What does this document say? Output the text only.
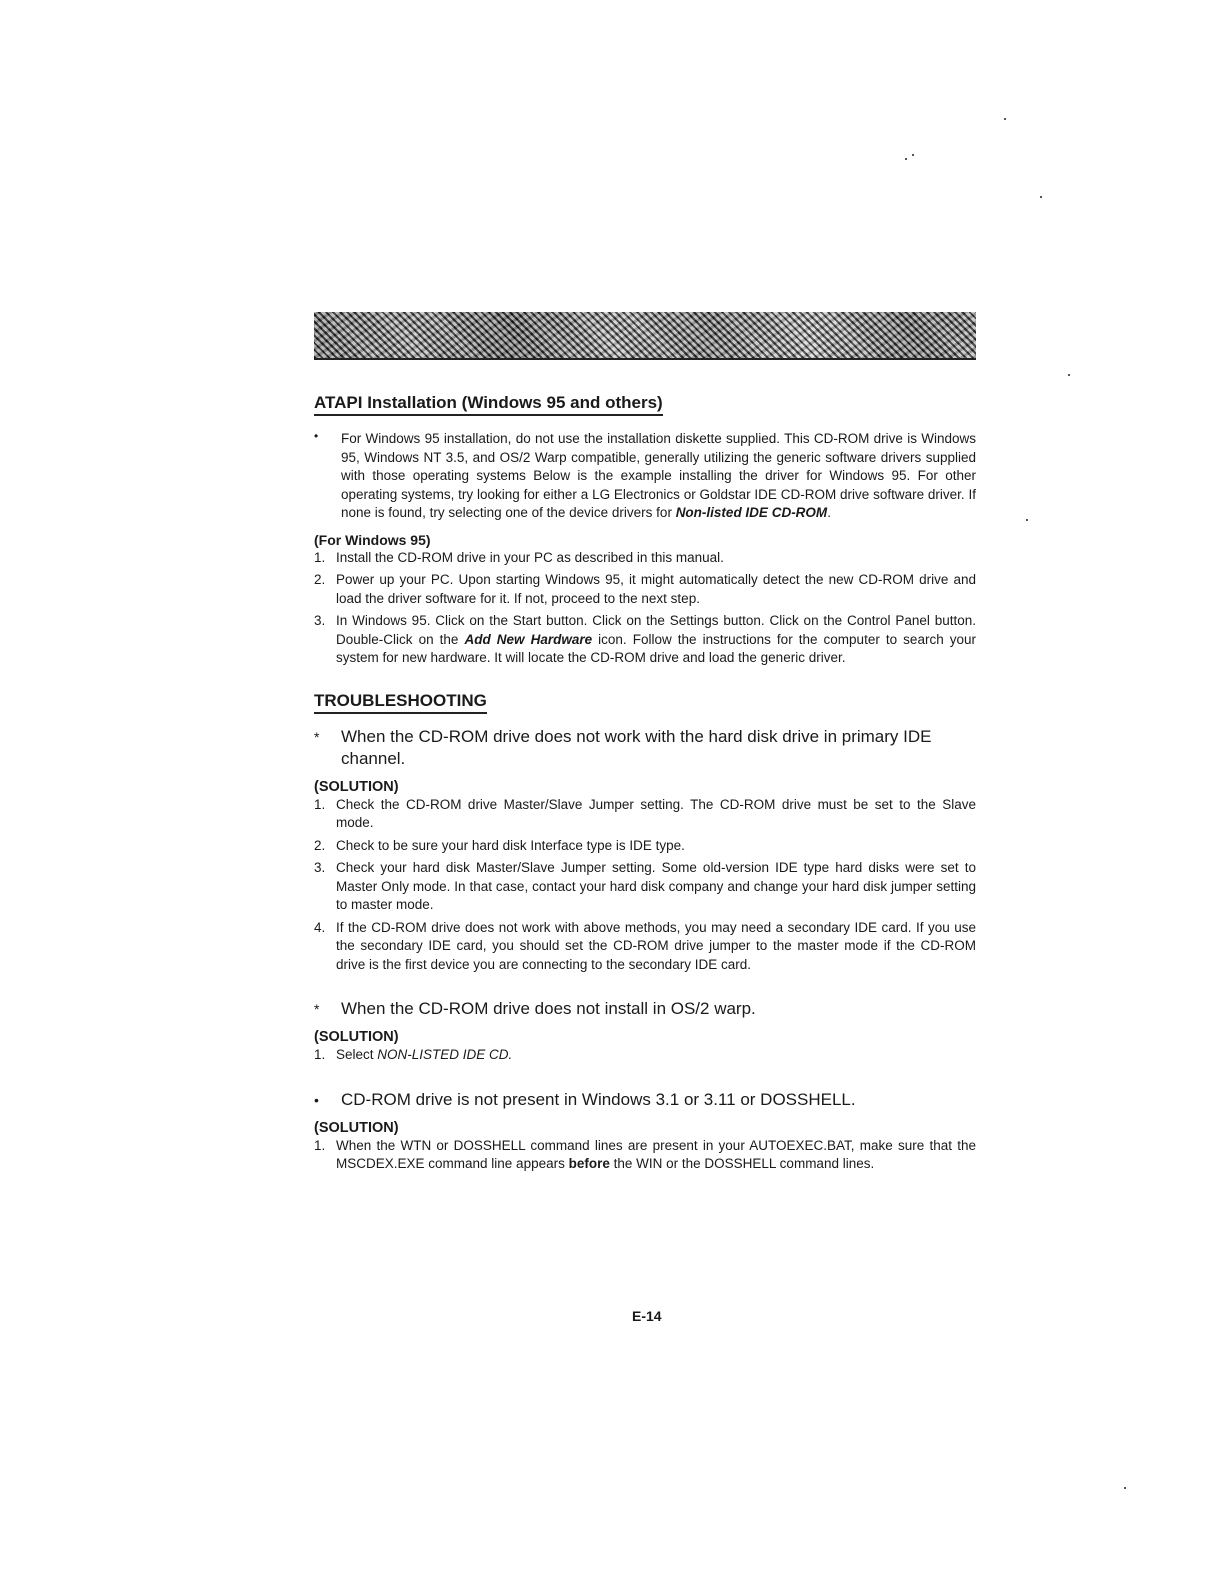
ATAPI Installation (Windows 95 and others)
• For Windows 95 installation, do not use the installation diskette supplied. This CD-ROM drive is Windows 95, Windows NT 3.5, and OS/2 Warp compatible, generally utilizing the generic software drivers supplied with those operating systems Below is the example installing the driver for Windows 95. For other operating systems, try looking for either a LG Electronics or Goldstar IDE CD-ROM drive software driver. If none is found, try selecting one of the device drivers for Non-listed IDE CD-ROM.
(For Windows 95)
1. Install the CD-ROM drive in your PC as described in this manual.
2. Power up your PC. Upon starting Windows 95, it might automatically detect the new CD-ROM drive and load the driver software for it. If not, proceed to the next step.
3. In Windows 95. Click on the Start button. Click on the Settings button. Click on the Control Panel button. Double-Click on the Add New Hardware icon. Follow the instructions for the computer to search your system for new hardware. It will locate the CD-ROM drive and load the generic driver.
TROUBLESHOOTING
* When the CD-ROM drive does not work with the hard disk drive in primary IDE channel.
(SOLUTION)
1. Check the CD-ROM drive Master/Slave Jumper setting. The CD-ROM drive must be set to the Slave mode.
2. Check to be sure your hard disk Interface type is IDE type.
3. Check your hard disk Master/Slave Jumper setting. Some old-version IDE type hard disks were set to Master Only mode. In that case, contact your hard disk company and change your hard disk jumper setting to master mode.
4. If the CD-ROM drive does not work with above methods, you may need a secondary IDE card. If you use the secondary IDE card, you should set the CD-ROM drive jumper to the master mode if the CD-ROM drive is the first device you are connecting to the secondary IDE card.
* When the CD-ROM drive does not install in OS/2 warp.
(SOLUTION)
1. Select NON-LISTED IDE CD.
• CD-ROM drive is not present in Windows 3.1 or 3.11 or DOSSHELL.
(SOLUTION)
1. When the WTN or DOSSHELL command lines are present in your AUTOEXEC.BAT, make sure that the MSCDEX.EXE command line appears before the WIN or the DOSSHELL command lines.
E-14
